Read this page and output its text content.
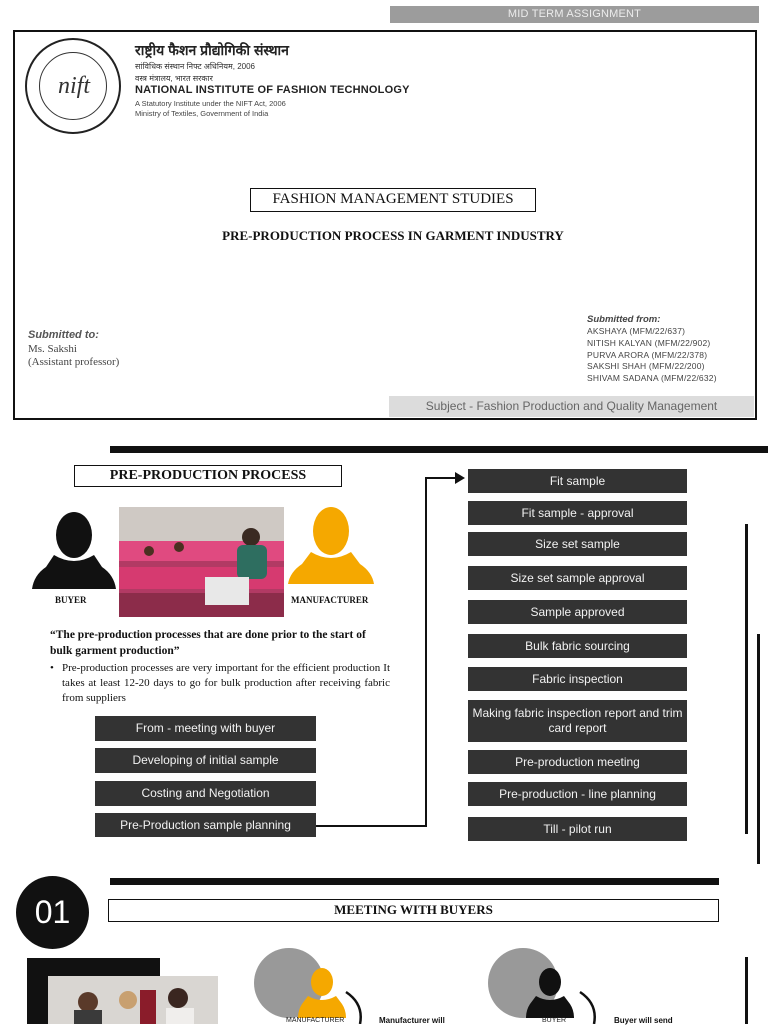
MID TERM ASSIGNMENT
nift
राष्ट्रीय फैशन प्रौद्योगिकी संस्थान
सांविधिक संस्थान निफ्ट अधिनियम, 2006
वस्त्र मंत्रालय, भारत सरकार
NATIONAL INSTITUTE OF FASHION TECHNOLOGY
A Statutory Institute under the NIFT Act, 2006
Ministry of Textiles, Government of India
FASHION MANAGEMENT STUDIES
PRE-PRODUCTION PROCESS IN GARMENT INDUSTRY
Submitted to:
Ms. Sakshi
(Assistant professor)
Submitted from:
AKSHAYA (MFM/22/637)
NITISH KALYAN (MFM/22/902)
PURVA ARORA (MFM/22/378)
SAKSHI SHAH (MFM/22/200)
SHIVAM SADANA (MFM/22/632)
Subject - Fashion Production and Quality Management
PRE-PRODUCTION PROCESS
BUYER	MANUFACTURER
“The pre-production processes that are done prior to the start of bulk garment production”
• Pre-production processes are very important for the efficient production It takes at least 12-20 days to go for bulk production after receiving fabric from suppliers
From - meeting with buyer
Developing of initial sample
Costing and Negotiation
Pre-Production sample planning
Fit sample
Fit sample - approval
Size set sample
Size set sample approval
Sample approved
Bulk fabric sourcing
Fabric inspection
Making fabric inspection report and trim card report
Pre-production meeting
Pre-production - line planning
Till - pilot run
01	MEETING WITH BUYERS
MANUFACTURER	Manufacturer will	BUYER	Buyer will send
